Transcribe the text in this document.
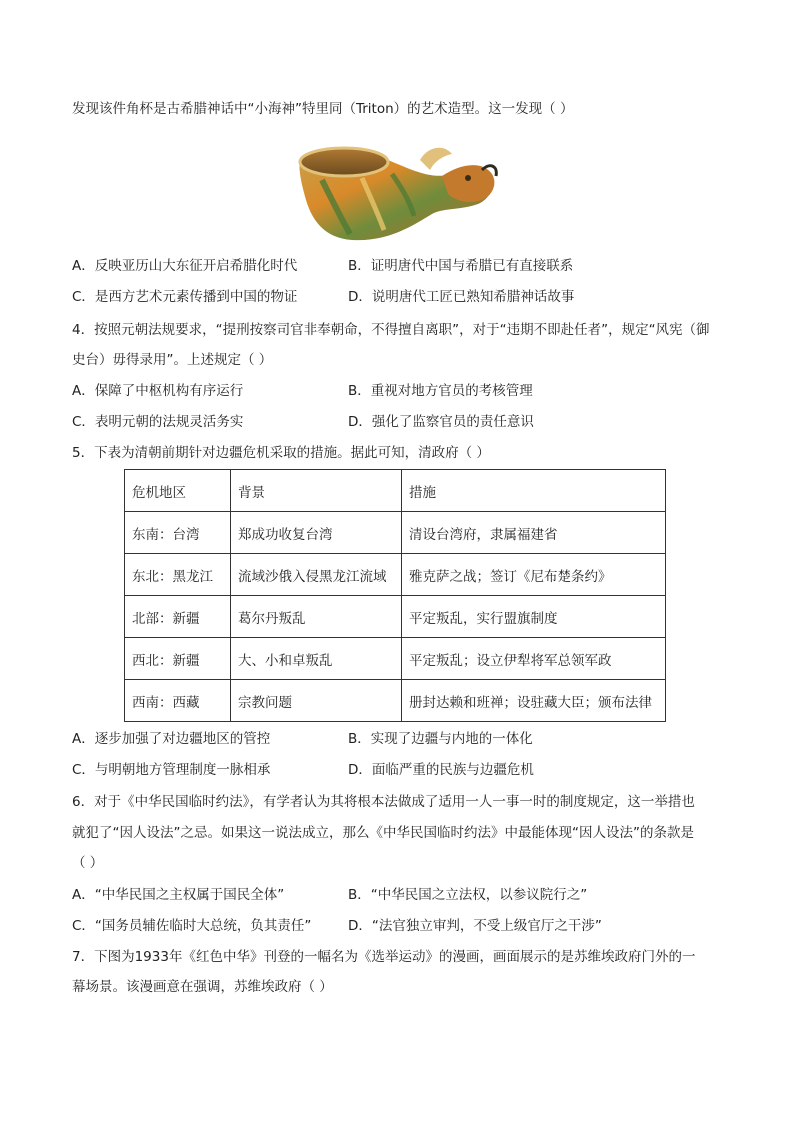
发现该件角杯是古希腊神话中“小海神”特里同（Triton）的艺术造型。这一发现（ ）
A．反映亚历山大东征开启希腊化时代	B．证明唐代中国与希腊已有直接联系
C．是西方艺术元素传播到中国的物证	D．说明唐代工匠已熟知希腊神话故事
4．按照元朝法规要求，“提刑按察司官非奉朝命，不得擅自离职”，对于“违期不即赴任者”，规定“风宪（御
史台）毋得录用”。上述规定（ ）
A．保障了中枢机构有序运行	B．重视对地方官员的考核管理
C．表明元朝的法规灵活务实	D．强化了监察官员的责任意识
5．下表为清朝前期针对边疆危机采取的措施。据此可知，清政府（ ）
危机地区	背景	措施
东南：台湾	郑成功收复台湾	清设台湾府，隶属福建省
东北：黑龙江	流域沙俄入侵黑龙江流域	雅克萨之战；签订《尼布楚条约》
北部：新疆	葛尔丹叛乱	平定叛乱，实行盟旗制度
西北：新疆	大、小和卓叛乱	平定叛乱；设立伊犁将军总领军政
西南：西藏	宗教问题	册封达赖和班禅；设驻藏大臣；颁布法律
A．逐步加强了对边疆地区的管控	B．实现了边疆与内地的一体化
C．与明朝地方管理制度一脉相承	D．面临严重的民族与边疆危机
6．对于《中华民国临时约法》，有学者认为其将根本法做成了适用一人一事一时的制度规定，这一举措也
就犯了“因人设法”之忌。如果这一说法成立，那么《中华民国临时约法》中最能体现“因人设法”的条款是
（ ）
A．“中华民国之主权属于国民全体”	B．“中华民国之立法权，以参议院行之”
C．“国务员辅佐临时大总统，负其责任”	D．“法官独立审判，不受上级官厅之干涉”
7．下图为1933年《红色中华》刊登的一幅名为《选举运动》的漫画，画面展示的是苏维埃政府门外的一
幕场景。该漫画意在强调，苏维埃政府（ ）
